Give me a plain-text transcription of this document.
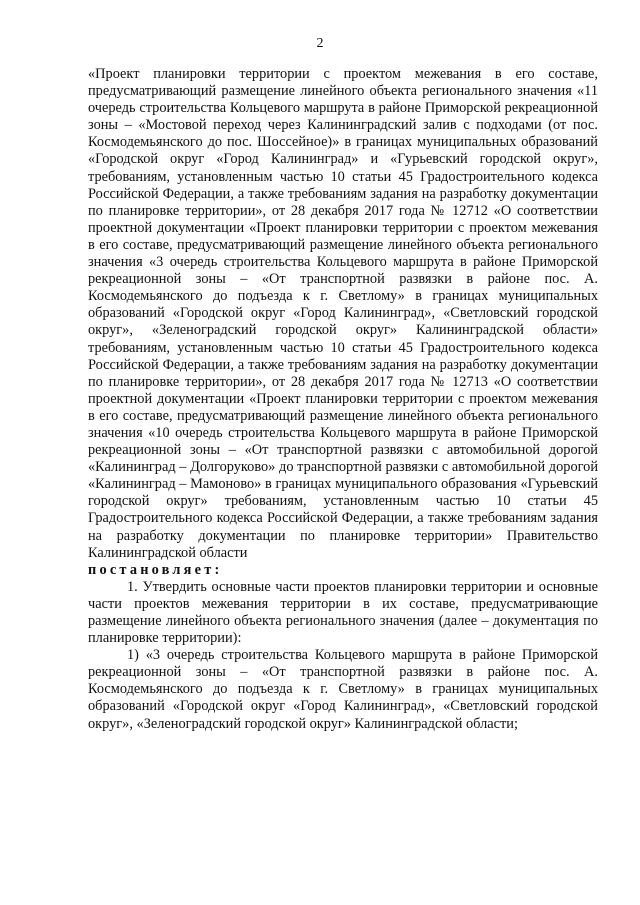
2

«Проект планировки территории с проектом межевания в его составе, предусматривающий размещение линейного объекта регионального значения «11 очередь строительства Кольцевого маршрута в районе Приморской рекреационной зоны – «Мостовой переход через Калининградский залив с подходами (от пос. Космодемьянского до пос. Шоссейное)» в границах муниципальных образований «Городской округ «Город Калининград» и «Гурьевский городской округ», требованиям, установленным частью 10 статьи 45 Градостроительного кодекса Российской Федерации, а также требованиям задания на разработку документации по планировке территории», от 28 декабря 2017 года № 12712 «О соответствии проектной документации «Проект планировки территории с проектом межевания в его составе, предусматривающий размещение линейного объекта регионального значения «3 очередь строительства Кольцевого маршрута в районе Приморской рекреационной зоны – «От транспортной развязки в районе пос. А. Космодемьянского до подъезда к г. Светлому» в границах муниципальных образований «Городской округ «Город Калининград», «Светловский городской округ», «Зеленоградский городской округ» Калининградской области» требованиям, установленным частью 10 статьи 45 Градостроительного кодекса Российской Федерации, а также требованиям задания на разработку документации по планировке территории», от 28 декабря 2017 года № 12713 «О соответствии проектной документации «Проект планировки территории с проектом межевания в его составе, предусматривающий размещение линейного объекта регионального значения «10 очередь строительства Кольцевого маршрута в районе Приморской рекреационной зоны – «От транспортной развязки с автомобильной дорогой «Калининград – Долгоруково» до транспортной развязки с автомобильной дорогой «Калининград – Мамоново» в границах муниципального образования «Гурьевский городской округ» требованиям, установленным частью 10 статьи 45 Градостроительного кодекса Российской Федерации, а также требованиям задания на разработку документации по планировке территории» Правительство Калининградской области

постановляет:

1. Утвердить основные части проектов планировки территории и основные части проектов межевания территории в их составе, предусматривающие размещение линейного объекта регионального значения (далее – документация по планировке территории):

1) «3 очередь строительства Кольцевого маршрута в районе Приморской рекреационной зоны – «От транспортной развязки в районе пос. А. Космодемьянского до подъезда к г. Светлому» в границах муниципальных образований «Городской округ «Город Калининград», «Светловский городской округ», «Зеленоградский городской округ» Калининградской области;
